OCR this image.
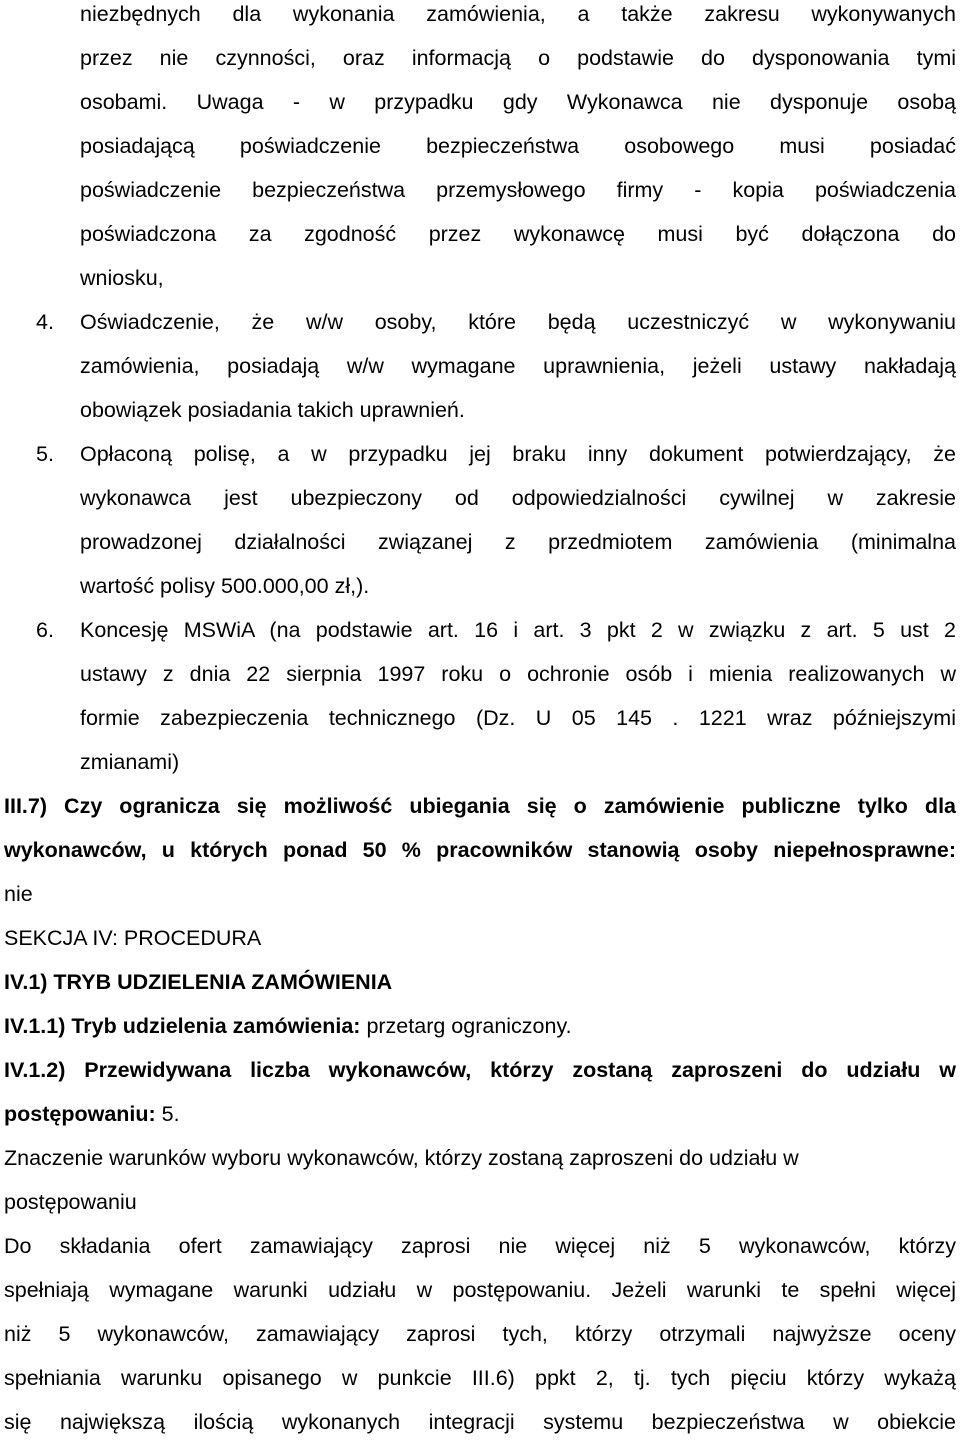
niezbędnych dla wykonania zamówienia, a także zakresu wykonywanych
przez nie czynności, oraz informacją o podstawie do dysponowania tymi
osobami. Uwaga - w przypadku gdy Wykonawca nie dysponuje osobą
posiadającą poświadczenie bezpieczeństwa osobowego musi posiadać
poświadczenie bezpieczeństwa przemysłowego firmy - kopia poświadczenia
poświadczona za zgodność przez wykonawcę musi być dołączona do
wniosku,
4. Oświadczenie, że w/w osoby, które będą uczestniczyć w wykonywaniu
zamówienia, posiadają w/w wymagane uprawnienia, jeżeli ustawy nakładają
obowiązek posiadania takich uprawnień.
5. Opłaconą polisę, a w przypadku jej braku inny dokument potwierdzający, że
wykonawca jest ubezpieczony od odpowiedzialności cywilnej w zakresie
prowadzonej działalności związanej z przedmiotem zamówienia (minimalna
wartość polisy 500.000,00 zł,).
6. Koncesję MSWiA (na podstawie art. 16 i art. 3 pkt 2 w związku z art. 5 ust 2
ustawy z dnia 22 sierpnia 1997 roku o ochronie osób i mienia realizowanych w
formie zabezpieczenia technicznego (Dz. U 05 145 . 1221 wraz późniejszymi
zmianami)
III.7) Czy ogranicza się możliwość ubiegania się o zamówienie publiczne tylko dla
wykonawców, u których ponad 50 % pracowników stanowią osoby niepełnosprawne:
nie
SEKCJA IV: PROCEDURA
IV.1) TRYB UDZIELENIA ZAMÓWIENIA
IV.1.1) Tryb udzielenia zamówienia: przetarg ograniczony.
IV.1.2) Przewidywana liczba wykonawców, którzy zostaną zaproszeni do udziału w
postępowaniu: 5.
Znaczenie warunków wyboru wykonawców, którzy zostaną zaproszeni do udziału w
postępowaniu
Do składania ofert zamawiający zaprosi nie więcej niż 5 wykonawców, którzy
spełniają wymagane warunki udziału w postępowaniu. Jeżeli warunki te spełni więcej
niż 5 wykonawców, zamawiający zaprosi tych, którzy otrzymali najwyższe oceny
spełniania warunku opisanego w punkcie III.6) ppkt 2, tj. tych pięciu którzy wykażą
się największą ilością wykonanych integracji systemu bezpieczeństwa w obiekcie
